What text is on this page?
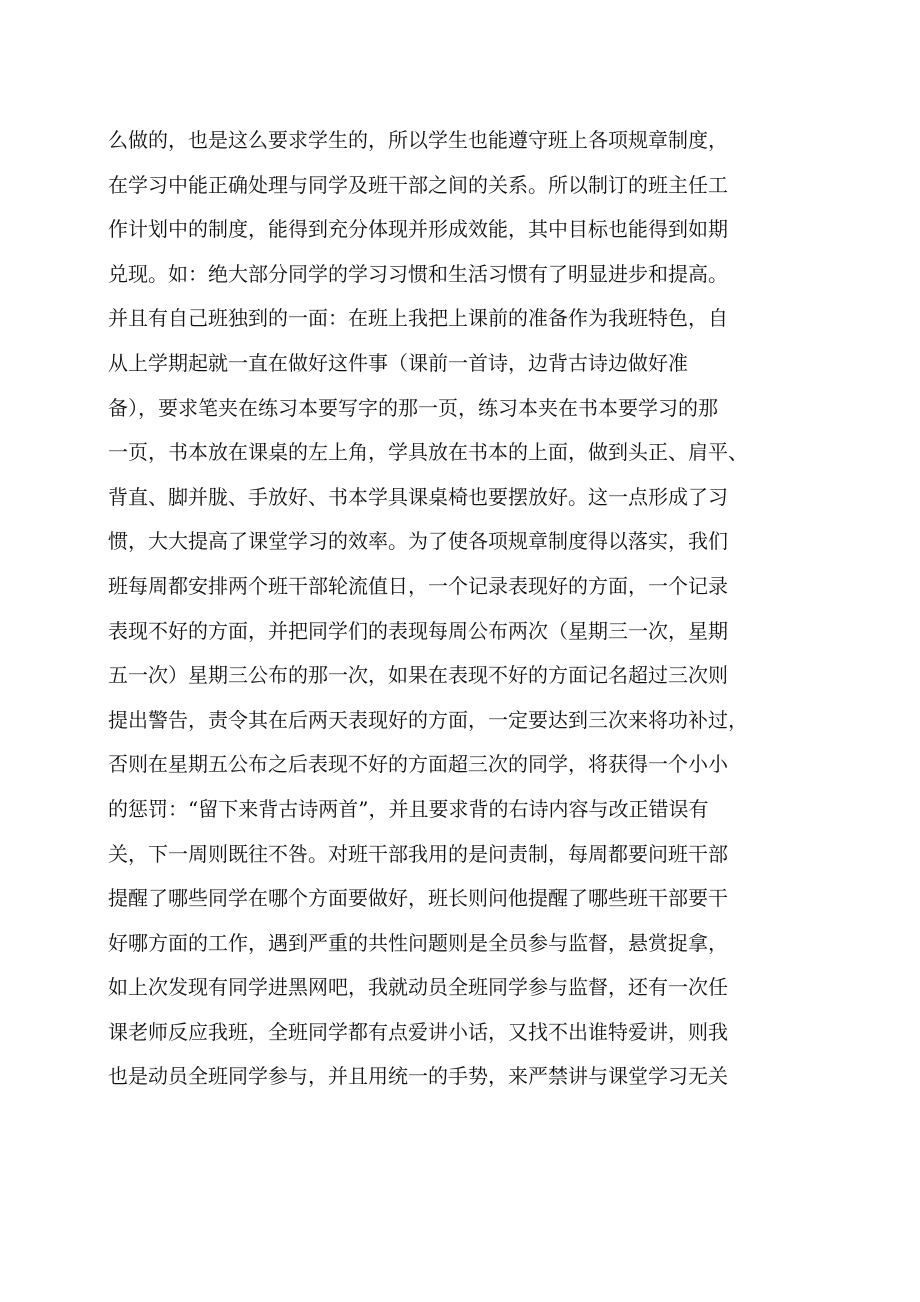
么做的，也是这么要求学生的，所以学生也能遵守班上各项规章制度，
在学习中能正确处理与同学及班干部之间的关系。所以制订的班主任工
作计划中的制度，能得到充分体现并形成效能，其中目标也能得到如期
兑现。如：绝大部分同学的学习习惯和生活习惯有了明显进步和提高。
并且有自己班独到的一面：在班上我把上课前的准备作为我班特色，自
从上学期起就一直在做好这件事（课前一首诗，边背古诗边做好准
备），要求笔夹在练习本要写字的那一页，练习本夹在书本要学习的那
一页，书本放在课桌的左上角，学具放在书本的上面，做到头正、肩平、
背直、脚并胧、手放好、书本学具课桌椅也要摆放好。这一点形成了习
惯，大大提高了课堂学习的效率。为了使各项规章制度得以落实，我们
班每周都安排两个班干部轮流值日，一个记录表现好的方面，一个记录
表现不好的方面，并把同学们的表现每周公布两次（星期三一次，星期
五一次）星期三公布的那一次，如果在表现不好的方面记名超过三次则
提出警告，责令其在后两天表现好的方面，一定要达到三次来将功补过，
否则在星期五公布之后表现不好的方面超三次的同学，将获得一个小小
的惩罚：“留下来背古诗两首”，并且要求背的右诗内容与改正错误有
关，下一周则既往不咎。对班干部我用的是问责制，每周都要问班干部
提醒了哪些同学在哪个方面要做好，班长则问他提醒了哪些班干部要干
好哪方面的工作，遇到严重的共性问题则是全员参与监督，悬赏捉拿，
如上次发现有同学进黑网吧，我就动员全班同学参与监督，还有一次任
课老师反应我班，全班同学都有点爱讲小话，又找不出谁特爱讲，则我
也是动员全班同学参与，并且用统一的手势，来严禁讲与课堂学习无关
